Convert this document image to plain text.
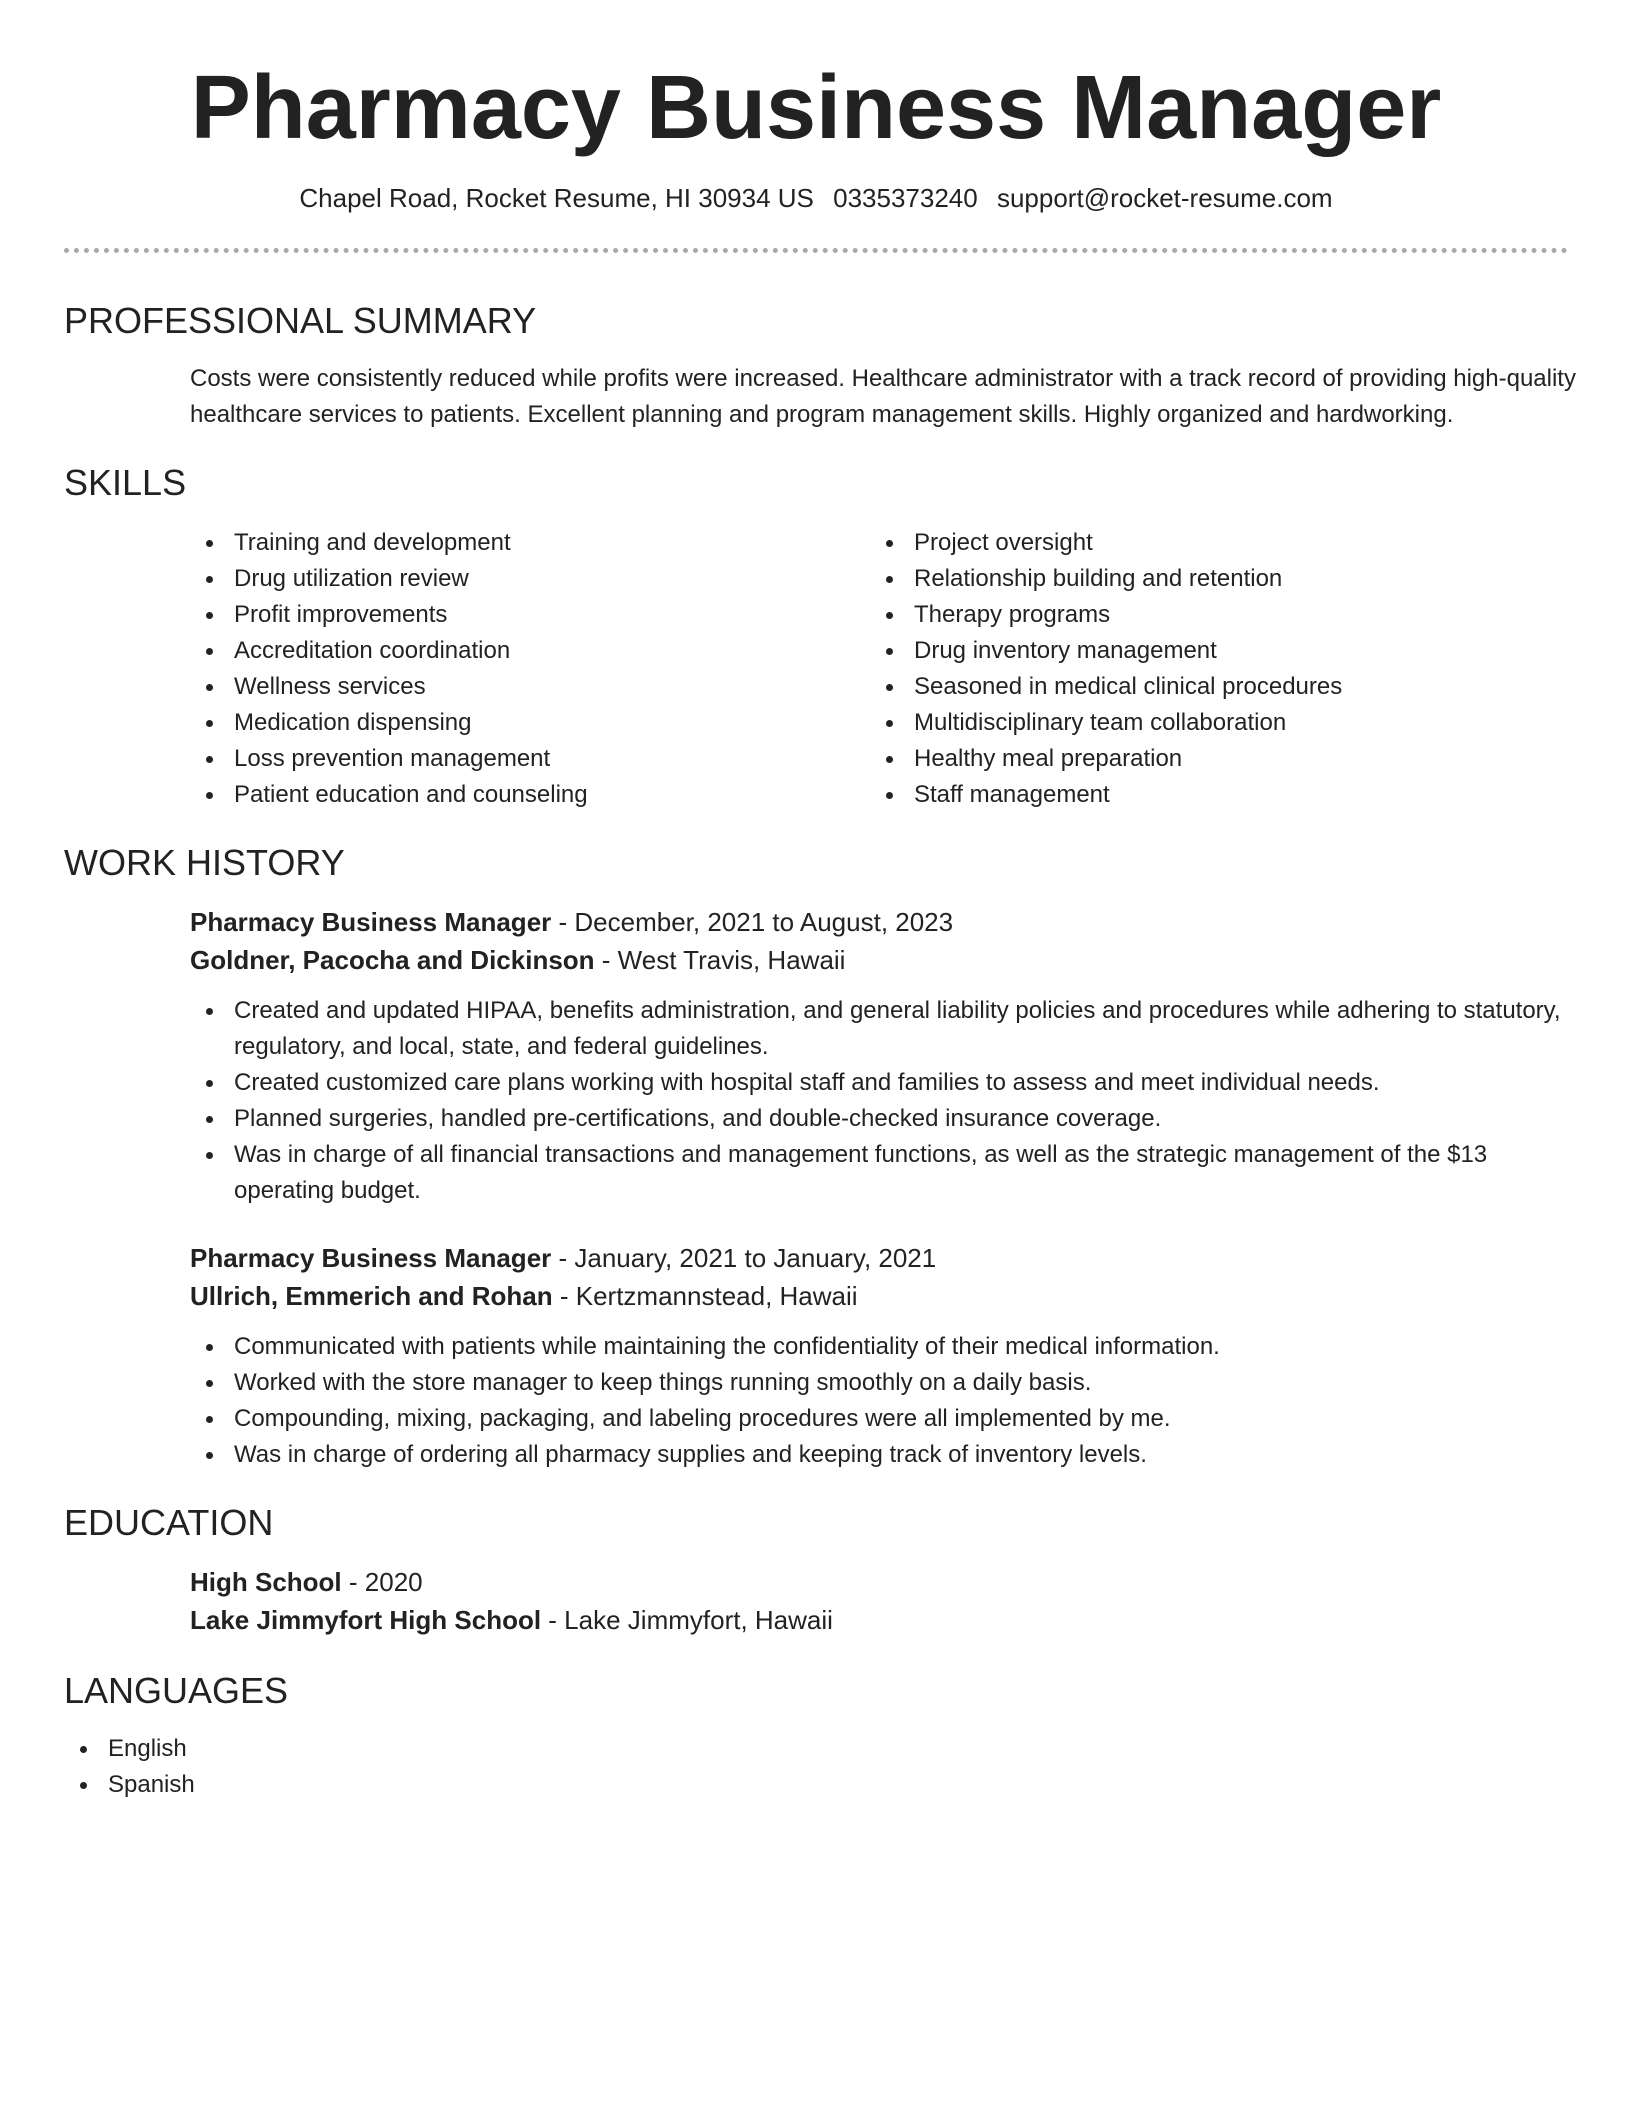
Pharmacy Business Manager
Chapel Road, Rocket Resume, HI 30934 US 0335373240 support@rocket-resume.com
PROFESSIONAL SUMMARY
Costs were consistently reduced while profits were increased. Healthcare administrator with a track record of providing high-quality healthcare services to patients. Excellent planning and program management skills. Highly organized and hardworking.
SKILLS
Training and development
Drug utilization review
Profit improvements
Accreditation coordination
Wellness services
Medication dispensing
Loss prevention management
Patient education and counseling
Project oversight
Relationship building and retention
Therapy programs
Drug inventory management
Seasoned in medical clinical procedures
Multidisciplinary team collaboration
Healthy meal preparation
Staff management
WORK HISTORY
Pharmacy Business Manager - December, 2021 to August, 2023
Goldner, Pacocha and Dickinson - West Travis, Hawaii
Created and updated HIPAA, benefits administration, and general liability policies and procedures while adhering to statutory, regulatory, and local, state, and federal guidelines.
Created customized care plans working with hospital staff and families to assess and meet individual needs.
Planned surgeries, handled pre-certifications, and double-checked insurance coverage.
Was in charge of all financial transactions and management functions, as well as the strategic management of the $13 operating budget.
Pharmacy Business Manager - January, 2021 to January, 2021
Ullrich, Emmerich and Rohan - Kertzmannstead, Hawaii
Communicated with patients while maintaining the confidentiality of their medical information.
Worked with the store manager to keep things running smoothly on a daily basis.
Compounding, mixing, packaging, and labeling procedures were all implemented by me.
Was in charge of ordering all pharmacy supplies and keeping track of inventory levels.
EDUCATION
High School - 2020
Lake Jimmyfort High School - Lake Jimmyfort, Hawaii
LANGUAGES
English
Spanish
